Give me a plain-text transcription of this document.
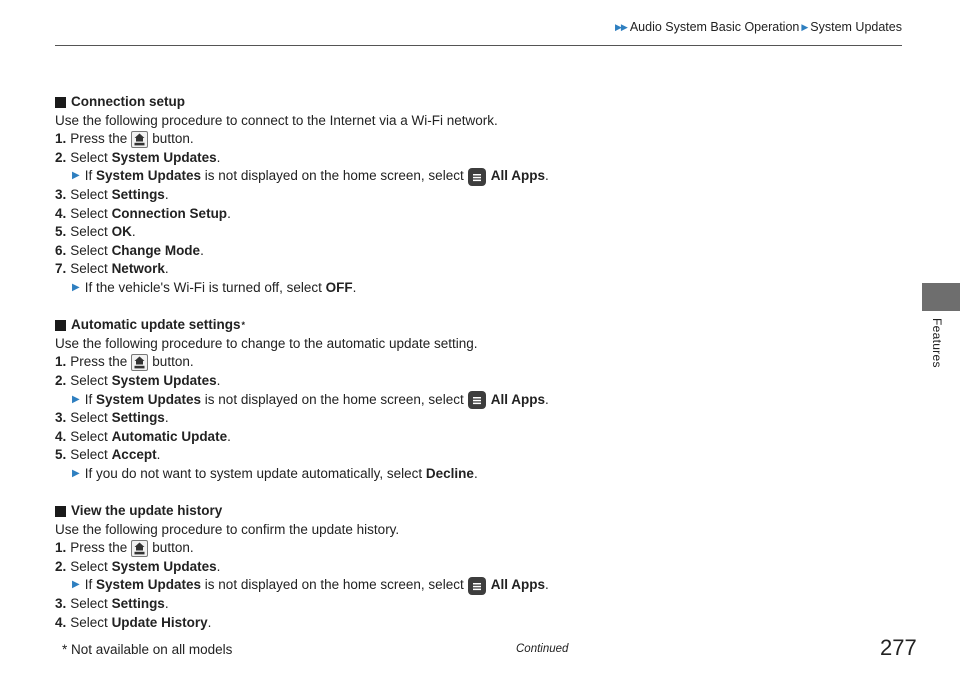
▶▶ Audio System Basic Operation ▶ System Updates
Features
Connection setup
Use the following procedure to connect to the Internet via a Wi-Fi network.
1. Press the button.
2. Select
System Updates .
▶ If
System Updates
is not displayed on the home screen, select All Apps .
3. Select
Settings .
4. Select
Connection Setup .
5. Select
OK .
6. Select
Change Mode .
7. Select
Network .
▶ If the vehicle's Wi-Fi is turned off, select
OFF .
Automatic update settings *
Use the following procedure to change to the automatic update setting.
1. Press the button.
2. Select
System Updates .
▶ If
System Updates
is not displayed on the home screen, select All Apps .
3. Select
Settings .
4. Select
Automatic Update .
5. Select
Accept .
▶ If you do not want to system update automatically, select
Decline .
View the update history
Use the following procedure to confirm the update history.
1. Press the button.
2. Select
System Updates .
▶ If
System Updates
is not displayed on the home screen, select All Apps .
3. Select
Settings .
4. Select
Update History .
* Not available on all models	Continued	277
